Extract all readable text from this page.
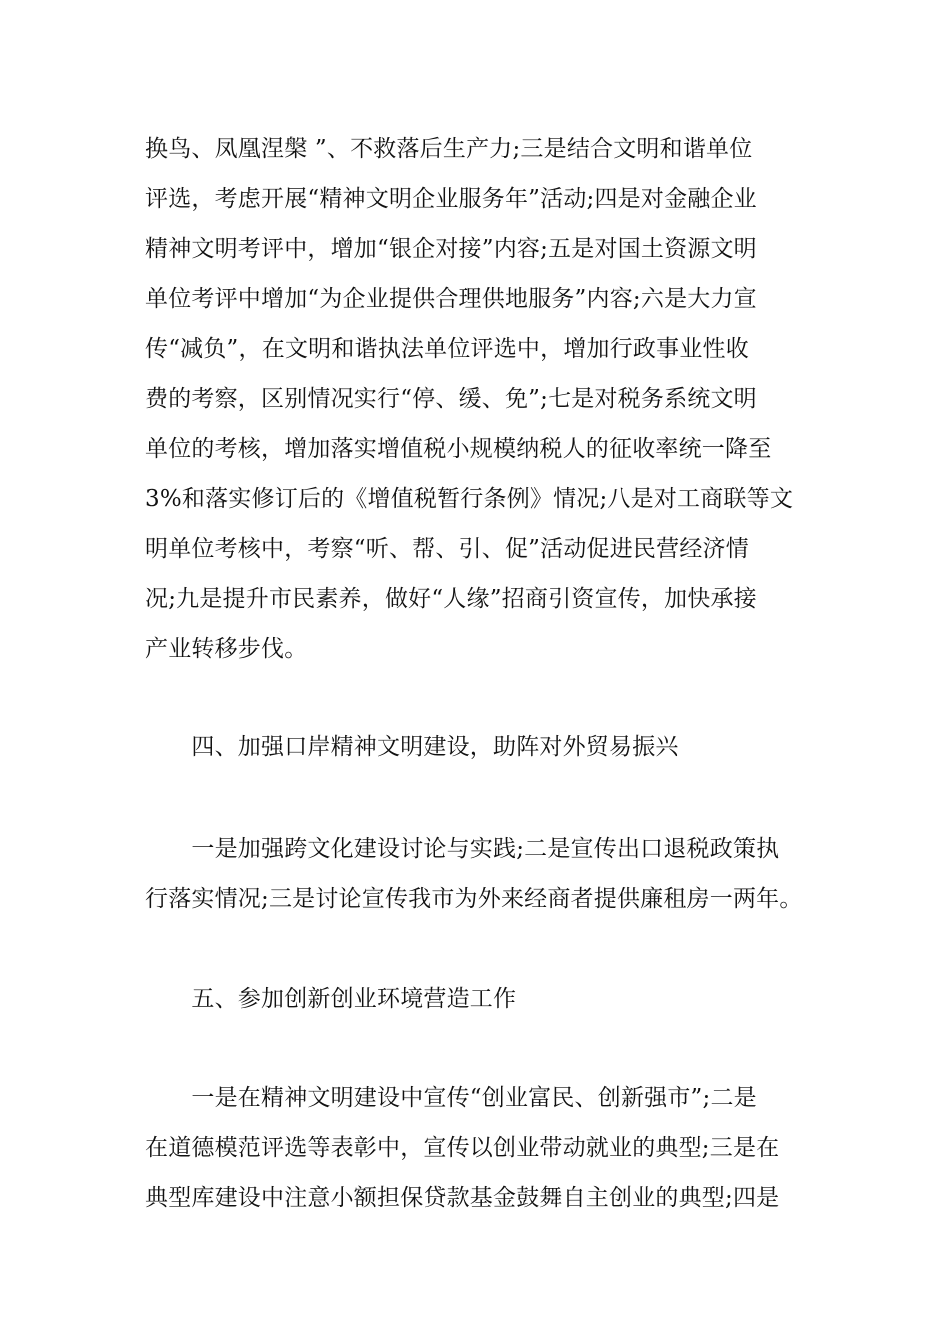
换鸟、凤凰涅槃 ”、不救落后生产力;三是结合文明和谐单位
评选，考虑开展“精神文明企业服务年”活动;四是对金融企业
精神文明考评中，增加“银企对接”内容;五是对国土资源文明
单位考评中增加“为企业提供合理供地服务”内容;六是大力宣
传“减负”，在文明和谐执法单位评选中，增加行政事业性收
费的考察，区别情况实行“停、缓、免”;七是对税务系统文明
单位的考核，增加落实增值税小规模纳税人的征收率统一降至
3%和落实修订后的《增值税暂行条例》情况;八是对工商联等文
明单位考核中，考察“听、帮、引、促”活动促进民营经济情
况;九是提升市民素养，做好“人缘”招商引资宣传，加快承接
产业转移步伐。
　　四、加强口岸精神文明建设，助阵对外贸易振兴
　　一是加强跨文化建设讨论与实践;二是宣传出口退税政策执
行落实情况;三是讨论宣传我市为外来经商者提供廉租房一两年。
　　五、参加创新创业环境营造工作
　　一是在精神文明建设中宣传“创业富民、创新强市”;二是
在道德模范评选等表彰中，宣传以创业带动就业的典型;三是在
典型库建设中注意小额担保贷款基金鼓舞自主创业的典型;四是
